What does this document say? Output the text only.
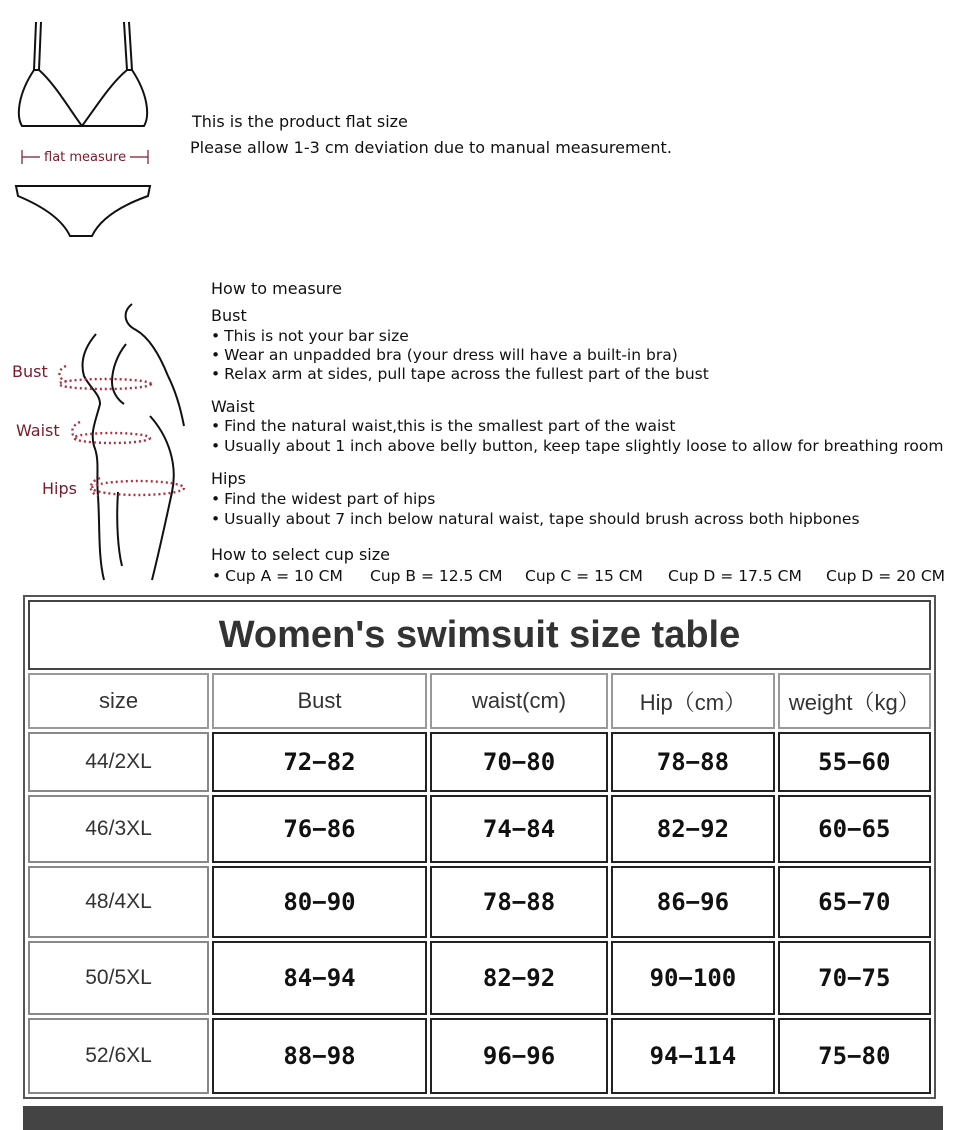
flat measure
This is the product flat size
Please allow 1-3 cm deviation due to manual measurement.
Bust
Waist
Hips
How to measure
Bust
• This is not your bar size
• Wear an unpadded bra (your dress will have a built-in bra)
• Relax arm at sides, pull tape across the fullest part of the bust
Waist
• Find the natural waist,this is the smallest part of the waist
• Usually about 1 inch above belly button, keep tape slightly loose to allow for breathing room
Hips
• Find the widest part of hips
• Usually about 7 inch below natural waist, tape should brush across both hipbones
How to select cup size
• Cup A = 10 CM Cup B = 12.5 CM Cup C = 15 CM Cup D = 17.5 CM Cup D = 20 CM
Women's swimsuit size table				
size	Bust	waist(cm)	Hip（cm）	weight（kg）
44/2XL	72−82	70−80	78−88	55−60
46/3XL	76−86	74−84	82−92	60−65
48/4XL	80−90	78−88	86−96	65−70
50/5XL	84−94	82−92	90−100	70−75
52/6XL	88−98	96−96	94−114	75−80
